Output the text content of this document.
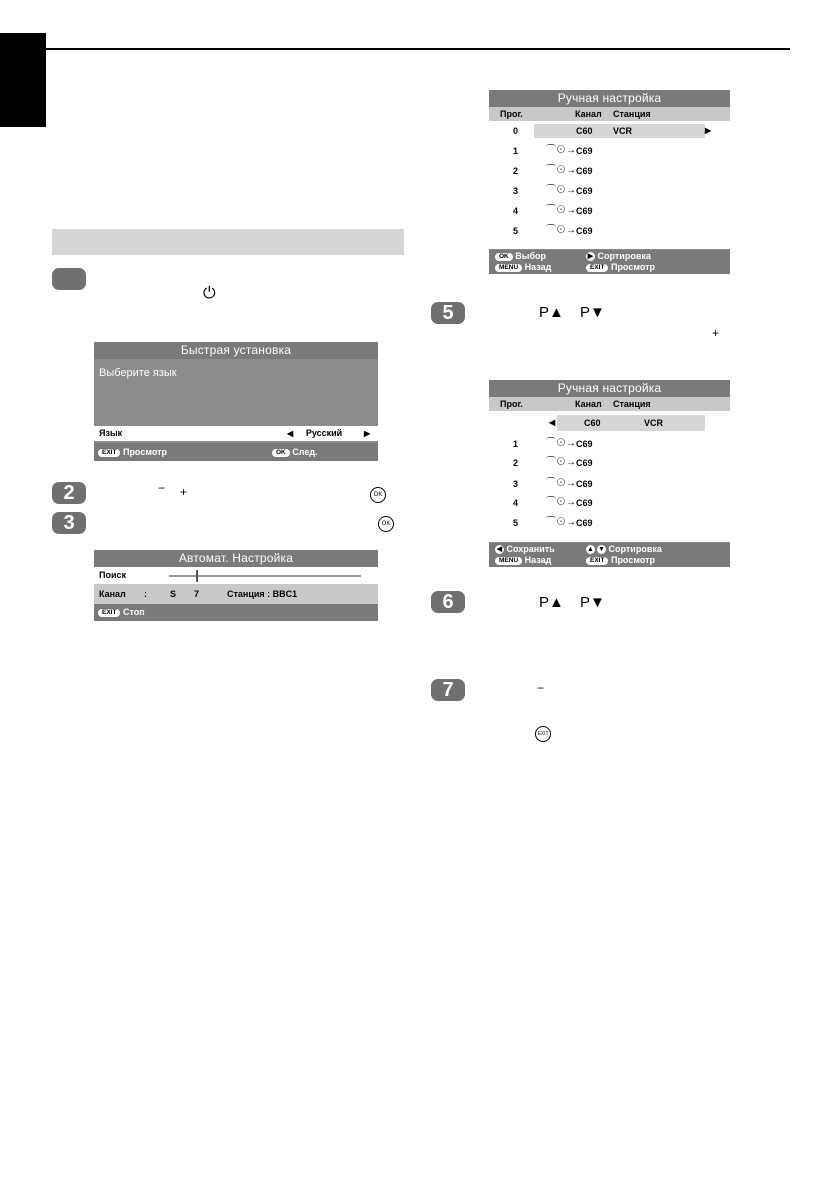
⏻
Быстрая установка
Выберите язык
Язык	◀	Русский	▶
EXIT Просмотр	OK След.
2	− +	OK
3	OK
Автомат. Настройка
Поиск
Канал :	S 7	Станция : BBC1
EXIT Стоп
Ручная настройка
Прог.	Канал Станция
0	C60 VCR	▶
1	⌒⊙→ C69
2	⌒⊙→ C69
3	⌒⊙→ C69
4	⌒⊙→ C69
5	⌒⊙→ C69
OK Выбор	▶ Сортировка
MENU Назад	EXIT Просмотр
5	P▲ P▼
+
Ручная настройка
Прог.	Канал Станция
◀	C60	VCR
1	⌒⊙→ C69
2	⌒⊙→ C69
3	⌒⊙→ C69
4	⌒⊙→ C69
5	⌒⊙→ C69
◀ Сохранить	▲ ▼ Сортировка
MENU Назад	EXIT Просмотр
6	P▲ P▼
7	−
EXIT
